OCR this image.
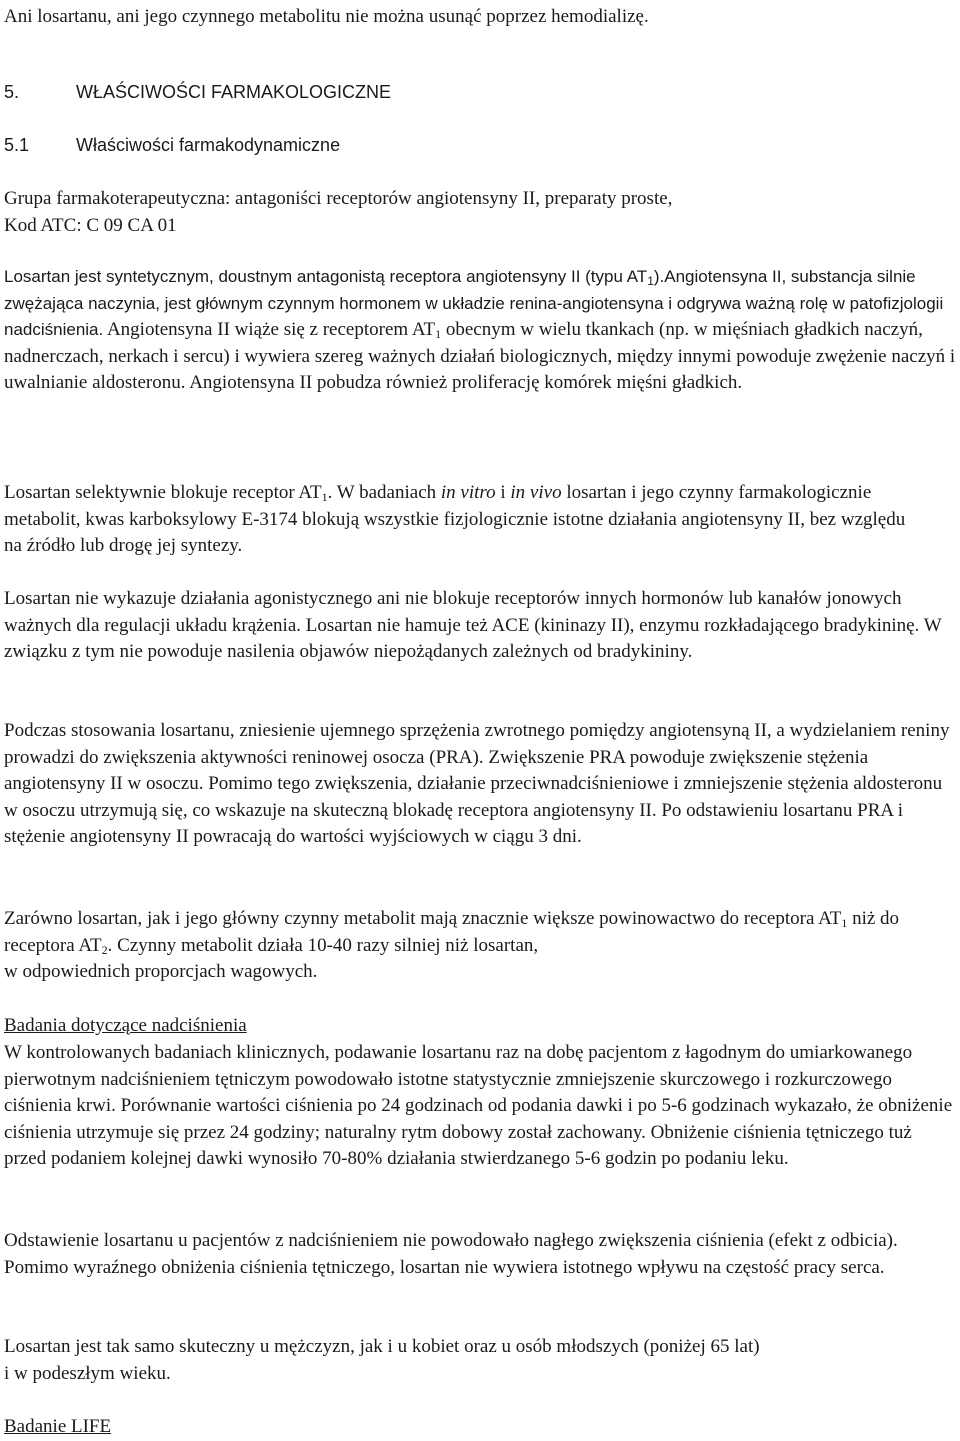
Ani losartanu, ani jego czynnego metabolitu nie można usunąć poprzez hemodializę.

5.	WŁAŚCIWOŚCI FARMAKOLOGICZNE

5.1	Właściwości farmakodynamiczne

Grupa farmakoterapeutyczna: antagoniści receptorów angiotensyny II, preparaty proste,

Kod ATC: C 09 CA 01

Losartan jest syntetycznym, doustnym antagonistą receptora angiotensyny II (typu $AT_1).Angiotensyna$ II, substancja silnie zwężająca naczynia, jest głównym czynnym hormonem w układzie renina-angiotensyna i odgrywa ważną rolę w patofizjologii nadciśnienia. Angiotensyna II wiąże się z receptorem $AT_1$ obecnym w wielu tkankach (np. w mięśniach gładkich naczyń, nadnerczach, nerkach i sercu) i wywiera szereg ważnych działań biologicznych, między innymi powoduje zwężenie naczyń i uwalnianie aldosteronu. Angiotensyna II pobudza również proliferację komórek mięśni gładkich.

Losartan selektywnie blokuje receptor $AT_1$. W badaniach in vitro i in vivo losartan i jego czynny farmakologicznie metabolit, kwas karboksylowy E-3174 blokują wszystkie fizjologicznie istotne działania angiotensyny II, bez względu na źródło lub drogę jej syntezy.

Losartan nie wykazuje działania agonistycznego ani nie blokuje receptorów innych hormonów lub kanałów jonowych ważnych dla regulacji układu krążenia. Losartan nie hamuje też ACE (kininazy II), enzymu rozkładającego bradykininę. W związku z tym nie powoduje nasilenia objawów niepożądanych zależnych od bradykininy.

Podczas stosowania losartanu, zniesienie ujemnego sprzężenia zwrotnego pomiędzy angiotensyną II, a wydzielaniem reniny prowadzi do zwiększenia aktywności reninowej osocza (PRA). Zwiększenie PRA powoduje zwiększenie stężenia angiotensyny II w osoczu. Pomimo tego zwiększenia, działanie przeciwnadciśnieniowe i zmniejszenie stężenia aldosteronu w osoczu utrzymują się, co wskazuje na skuteczną blokadę receptora angiotensyny II. Po odstawieniu losartanu PRA i stężenie angiotensyny II powracają do wartości wyjściowych w ciągu 3 dni.

Zarówno losartan, jak i jego główny czynny metabolit mają znacznie większe powinowactwo do receptora $AT_1$ niż do receptora $AT_2$. Czynny metabolit działa 10-40 razy silniej niż losartan,

w odpowiednich proporcjach wagowych.

Badania dotyczące nadciśnienia

W kontrolowanych badaniach klinicznych, podawanie losartanu raz na dobę pacjentom z łagodnym do umiarkowanego pierwotnym nadciśnieniem tętniczym powodowało istotne statystycznie zmniejszenie skurczowego i rozkurczowego ciśnienia krwi. Porównanie wartości ciśnienia po 24 godzinach od podania dawki i po 5-6 godzinach wykazało, że obniżenie ciśnienia utrzymuje się przez 24 godziny; naturalny rytm dobowy został zachowany. Obniżenie ciśnienia tętniczego tuż przed podaniem kolejnej dawki wynosiło 70-80% działania stwierdzanego 5-6 godzin po podaniu leku.

Odstawienie losartanu u pacjentów z nadciśnieniem nie powodowało nagłego zwiększenia ciśnienia (efekt z odbicia). Pomimo wyraźnego obniżenia ciśnienia tętniczego, losartan nie wywiera istotnego wpływu na częstość pracy serca.

Losartan jest tak samo skuteczny u mężczyzn, jak i u kobiet oraz u osób młodszych (poniżej 65 lat)

i w podeszłym wieku.

Badanie LIFE
